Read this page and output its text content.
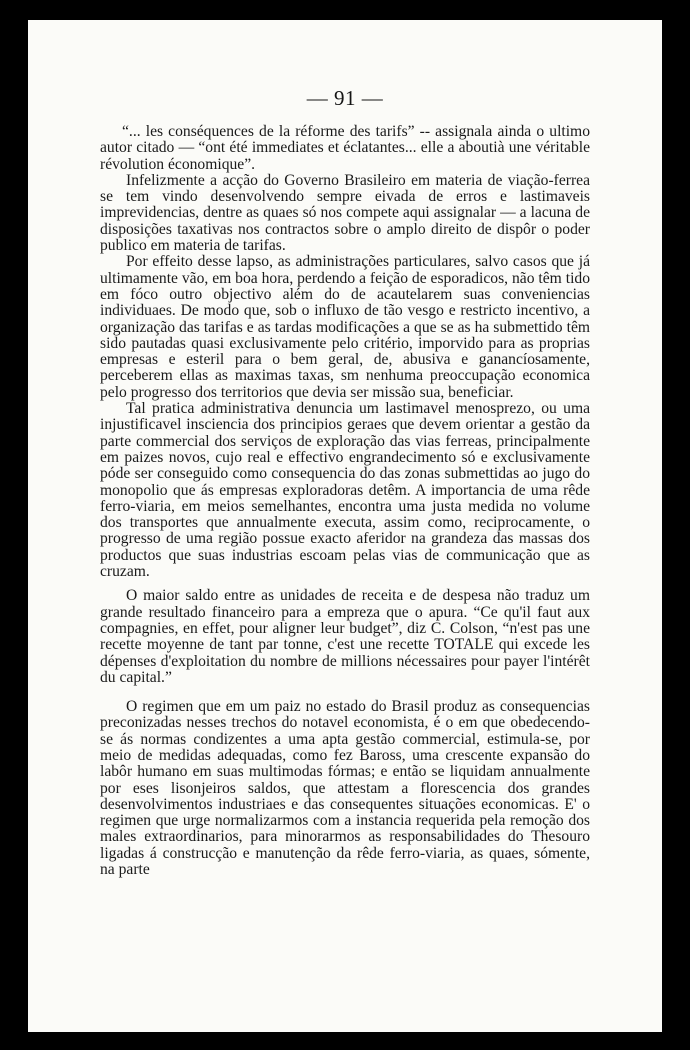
— 91 —

“... les conséquences de la réforme des tarifs” -- assignala ainda o ultimo autor citado — “ont été immediates et éclatantes... elle a aboutià une véritable révolution économique”.

Infelizmente a acção do Governo Brasileiro em materia de viação-ferrea se tem vindo desenvolvendo sempre eivada de erros e lastimaveis imprevidencias, dentre as quaes só nos compete aqui assignalar — a lacuna de disposições taxativas nos contractos sobre o amplo direito de dispôr o poder publico em materia de tarifas.

Por effeito desse lapso, as administrações particulares, salvo casos que já ultimamente vão, em boa hora, perdendo a feição de esporadicos, não têm tido em fóco outro objectivo além do de acautelarem suas conveniencias individuaes. De modo que, sob o influxo de tão vesgo e restricto incentivo, a organização das tarifas e as tardas modificações a que se as ha submettido têm sido pautadas quasi exclusivamente pelo critério, imporvido para as proprias empresas e esteril para o bem geral, de, abusiva e ganancíosamente, perceberem ellas as maximas taxas, sm nenhuma preoccupação economica pelo progresso dos territorios que devia ser missão sua, beneficiar.

Tal pratica administrativa denuncia um lastimavel menosprezo, ou uma injustificavel insciencia dos principios geraes que devem orientar a gestão da parte commercial dos serviços de exploração das vias ferreas, principalmente em paizes novos, cujo real e effectivo engrandecimento só e exclusivamente póde ser conseguido como consequencia do das zonas submettidas ao jugo do monopolio que ás empresas exploradoras detêm. A importancia de uma rêde ferro-viaria, em meios semelhantes, encontra uma justa medida no volume dos transportes que annualmente executa, assim como, reciprocamente, o progresso de uma região possue exacto aferidor na grandeza das massas dos productos que suas industrias escoam pelas vias de communicação que as cruzam.

O maior saldo entre as unidades de receita e de despesa não traduz um grande resultado financeiro para a empreza que o apura. “Ce qu'il faut aux compagnies, en effet, pour aligner leur budget”, diz C. Colson, “n'est pas une recette moyenne de tant par tonne, c'est une recette TOTALE qui excede les dépenses d'exploitation du nombre de millions nécessaires pour payer l'intérêt du capital.”

O regimen que em um paiz no estado do Brasil produz as consequencias preconizadas nesses trechos do notavel economista, é o em que obedecendo-se ás normas condizentes a uma apta gestão commercial, estimula-se, por meio de medidas adequadas, como fez Baross, uma crescente expansão do labôr humano em suas multimodas fórmas; e então se liquidam annualmente por eses lisonjeiros saldos, que attestam a florescencia dos grandes desenvolvimentos industriaes e das consequentes situações economicas. E' o regimen que urge normalizarmos com a instancia requerida pela remoção dos males extraordinarios, para minorarmos as responsabilidades do Thesouro ligadas á construcção e manutenção da rêde ferro-viaria, as quaes, sómente, na parte
